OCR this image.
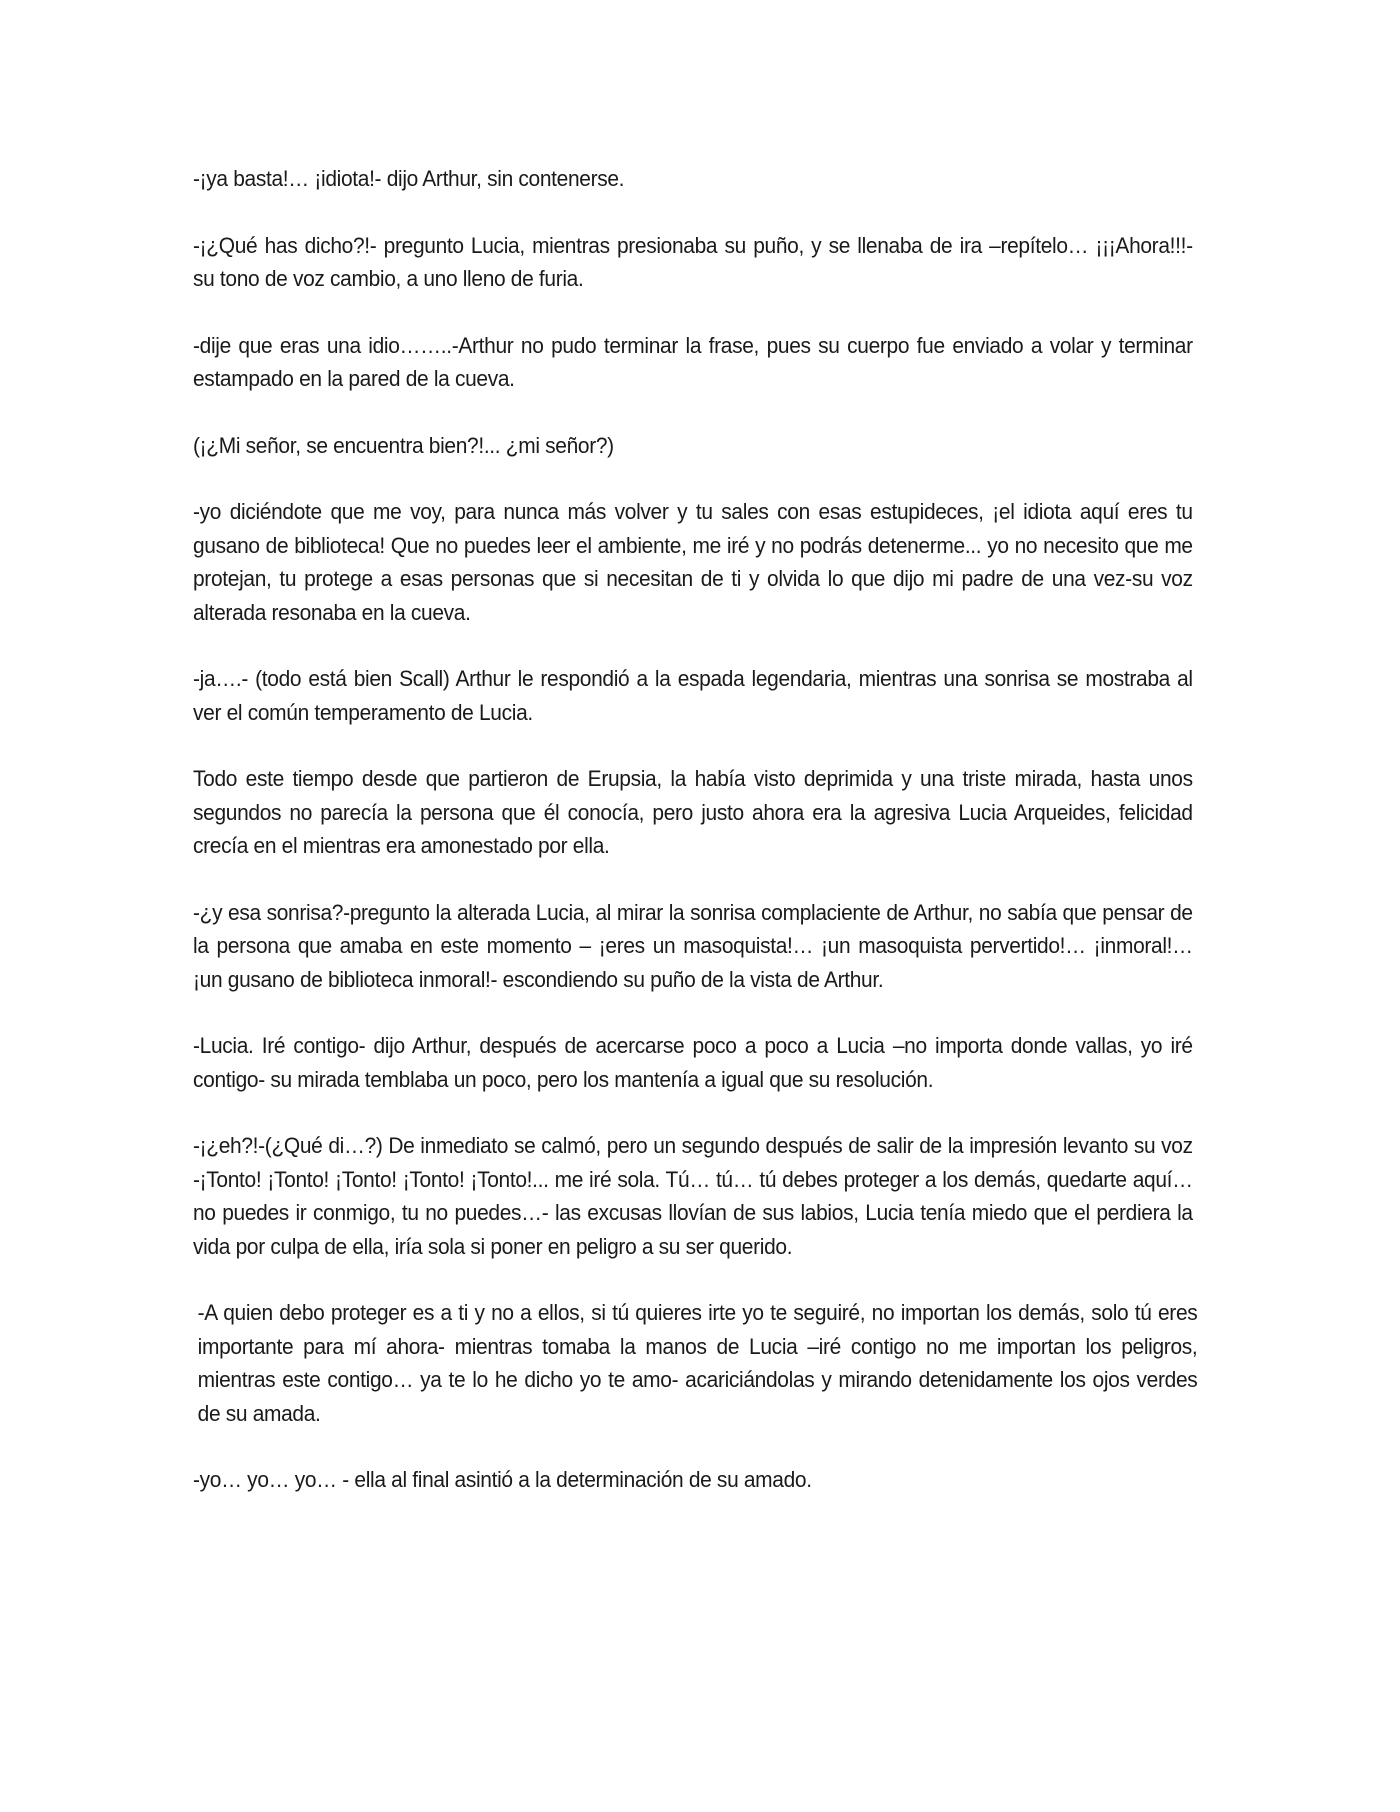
-¡ya basta!… ¡idiota!- dijo Arthur, sin contenerse.

-¡¿Qué has dicho?!- pregunto Lucia, mientras presionaba su puño, y se llenaba de ira –repítelo… ¡¡¡Ahora!!!- su tono de voz cambio, a uno lleno de furia.

-dije que eras una idio……..-Arthur no pudo terminar la frase, pues su cuerpo fue enviado a volar y terminar estampado en la pared de la cueva.

(¡¿Mi señor, se encuentra bien?!... ¿mi señor?)

-yo diciéndote que me voy, para nunca más volver y tu sales con esas estupideces, ¡el idiota aquí eres tu gusano de biblioteca! Que no puedes leer el ambiente, me iré y no podrás detenerme... yo no necesito que me protejan, tu protege a esas personas que si necesitan de ti y olvida lo que dijo mi padre de una vez-su voz alterada resonaba en la cueva.

-ja….- (todo está bien Scall) Arthur le respondió a la espada legendaria, mientras una sonrisa se mostraba al ver el común temperamento de Lucia.

Todo este tiempo desde que partieron de Erupsia, la había visto deprimida y una triste mirada, hasta unos segundos no parecía la persona que él conocía, pero justo ahora era la agresiva Lucia Arqueides, felicidad crecía en el mientras era amonestado por ella.

-¿y esa sonrisa?-pregunto la alterada Lucia, al mirar la sonrisa complaciente de Arthur, no sabía que pensar de la persona que amaba en este momento – ¡eres un masoquista!… ¡un masoquista pervertido!… ¡inmoral!… ¡un gusano de biblioteca inmoral!- escondiendo su puño de la vista de Arthur.

-Lucia. Iré contigo- dijo Arthur, después de acercarse poco a poco a Lucia –no importa donde vallas, yo iré contigo- su mirada temblaba un poco, pero los mantenía a igual que su resolución.

-¡¿eh?!-(¿Qué di…?) De inmediato se calmó, pero un segundo después de salir de la impresión levanto su voz -¡Tonto! ¡Tonto! ¡Tonto! ¡Tonto! ¡Tonto!... me iré sola. Tú… tú… tú debes proteger a los demás, quedarte aquí… no puedes ir conmigo, tu no puedes…- las excusas llovían de sus labios, Lucia tenía miedo que el perdiera la vida por culpa de ella, iría sola si poner en peligro a su ser querido.

-A quien debo proteger es a ti y no a ellos, si tú quieres irte yo te seguiré, no importan los demás, solo tú eres importante para mí ahora- mientras tomaba la manos de Lucia –iré contigo no me importan los peligros, mientras este contigo… ya te lo he dicho yo te amo- acariciándolas y mirando detenidamente los ojos verdes de su amada.

-yo… yo… yo… - ella al final asintió a la determinación de su amado.
